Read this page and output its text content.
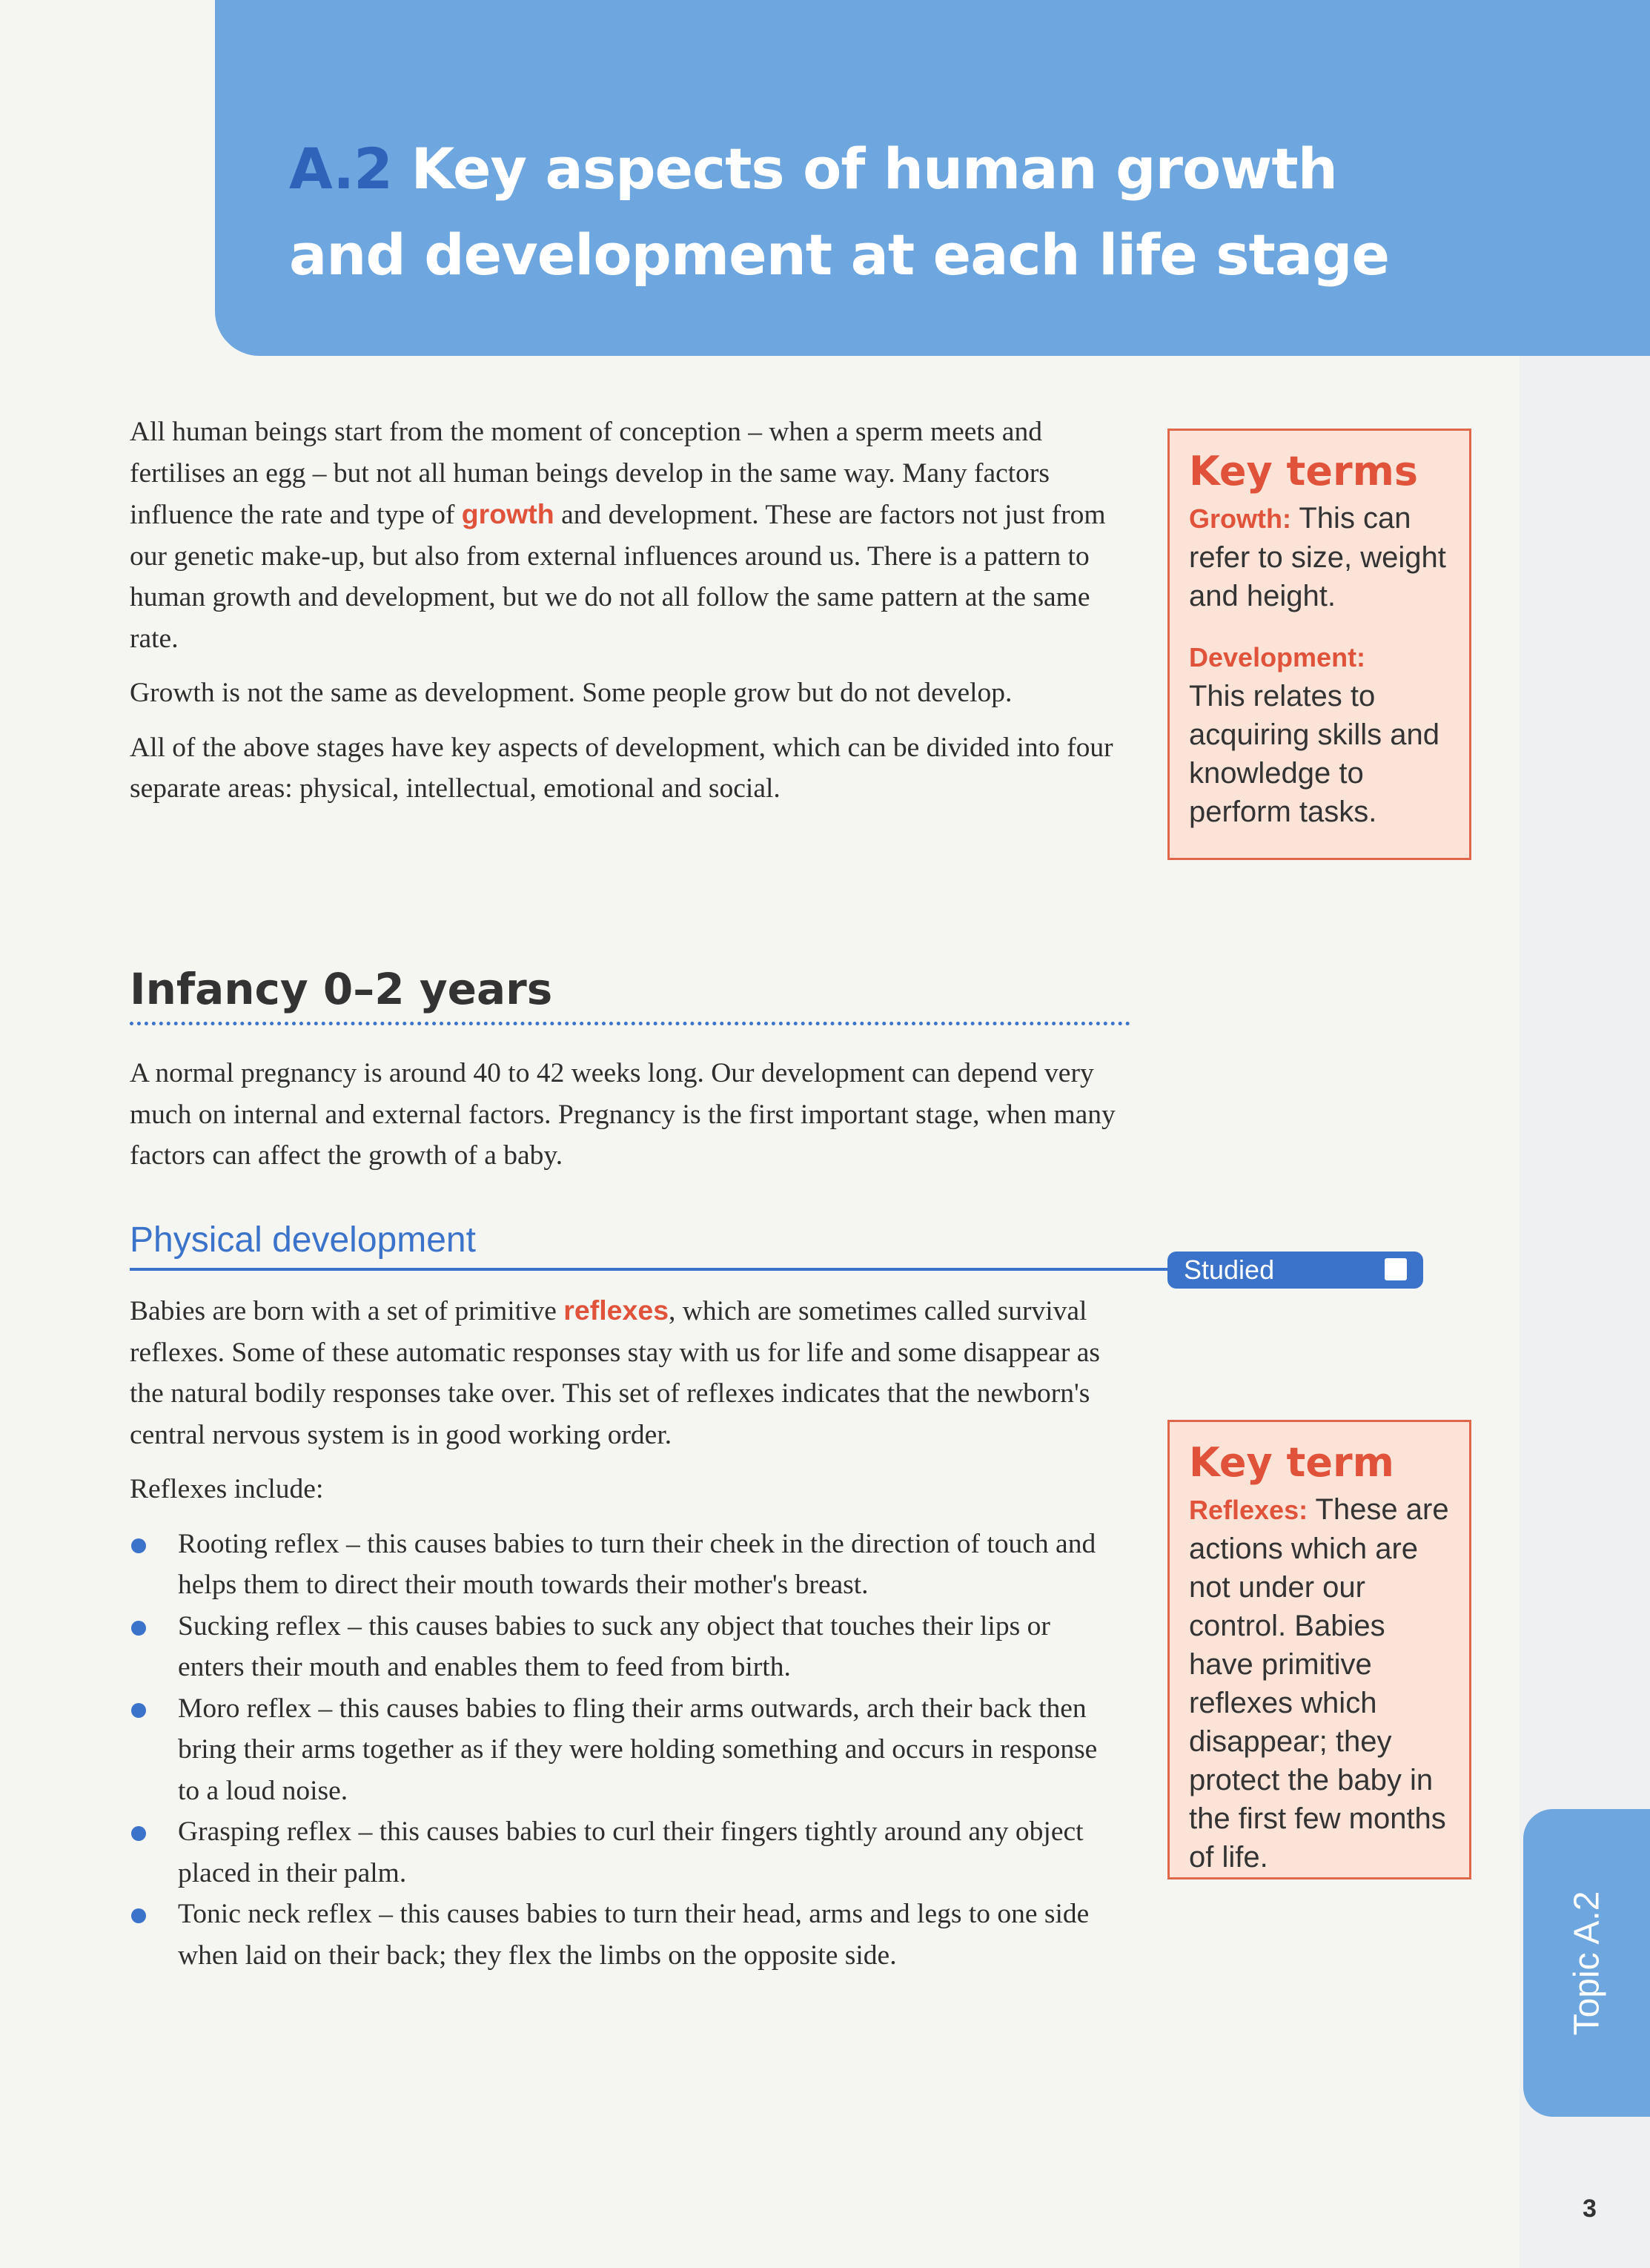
A.2 Key aspects of human growth
and development at each life stage

All human beings start from the moment of conception – when a sperm meets and fertilises an egg – but not all human beings develop in the same way. Many factors influence the rate and type of growth and development. These are factors not just from our genetic make-up, but also from external influences around us. There is a pattern to human growth and development, but we do not all follow the same pattern at the same rate.

Growth is not the same as development. Some people grow but do not develop.

All of the above stages have key aspects of development, which can be divided into four separate areas: physical, intellectual, emotional and social.

Key terms

Growth: This can refer to size, weight and height.

Development:
This relates to acquiring skills and knowledge to perform tasks.

Infancy 0–2 years

A normal pregnancy is around 40 to 42 weeks long. Our development can depend very much on internal and external factors. Pregnancy is the first important stage, when many factors can affect the growth of a baby.

Physical development
Studied

Babies are born with a set of primitive reflexes, which are sometimes called survival reflexes. Some of these automatic responses stay with us for life and some disappear as the natural bodily responses take over. This set of reflexes indicates that the newborn's central nervous system is in good working order.

Reflexes include:

Rooting reflex – this causes babies to turn their cheek in the direction of touch and helps them to direct their mouth towards their mother's breast.
Sucking reflex – this causes babies to suck any object that touches their lips or enters their mouth and enables them to feed from birth.
Moro reflex – this causes babies to fling their arms outwards, arch their back then bring their arms together as if they were holding something and occurs in response to a loud noise.
Grasping reflex – this causes babies to curl their fingers tightly around any object placed in their palm.
Tonic neck reflex – this causes babies to turn their head, arms and legs to one side when laid on their back; they flex the limbs on the opposite side.
Key term

Reflexes: These are actions which are not under our control. Babies have primitive reflexes which disappear; they protect the baby in the first few months of life.

Topic A.2
3
